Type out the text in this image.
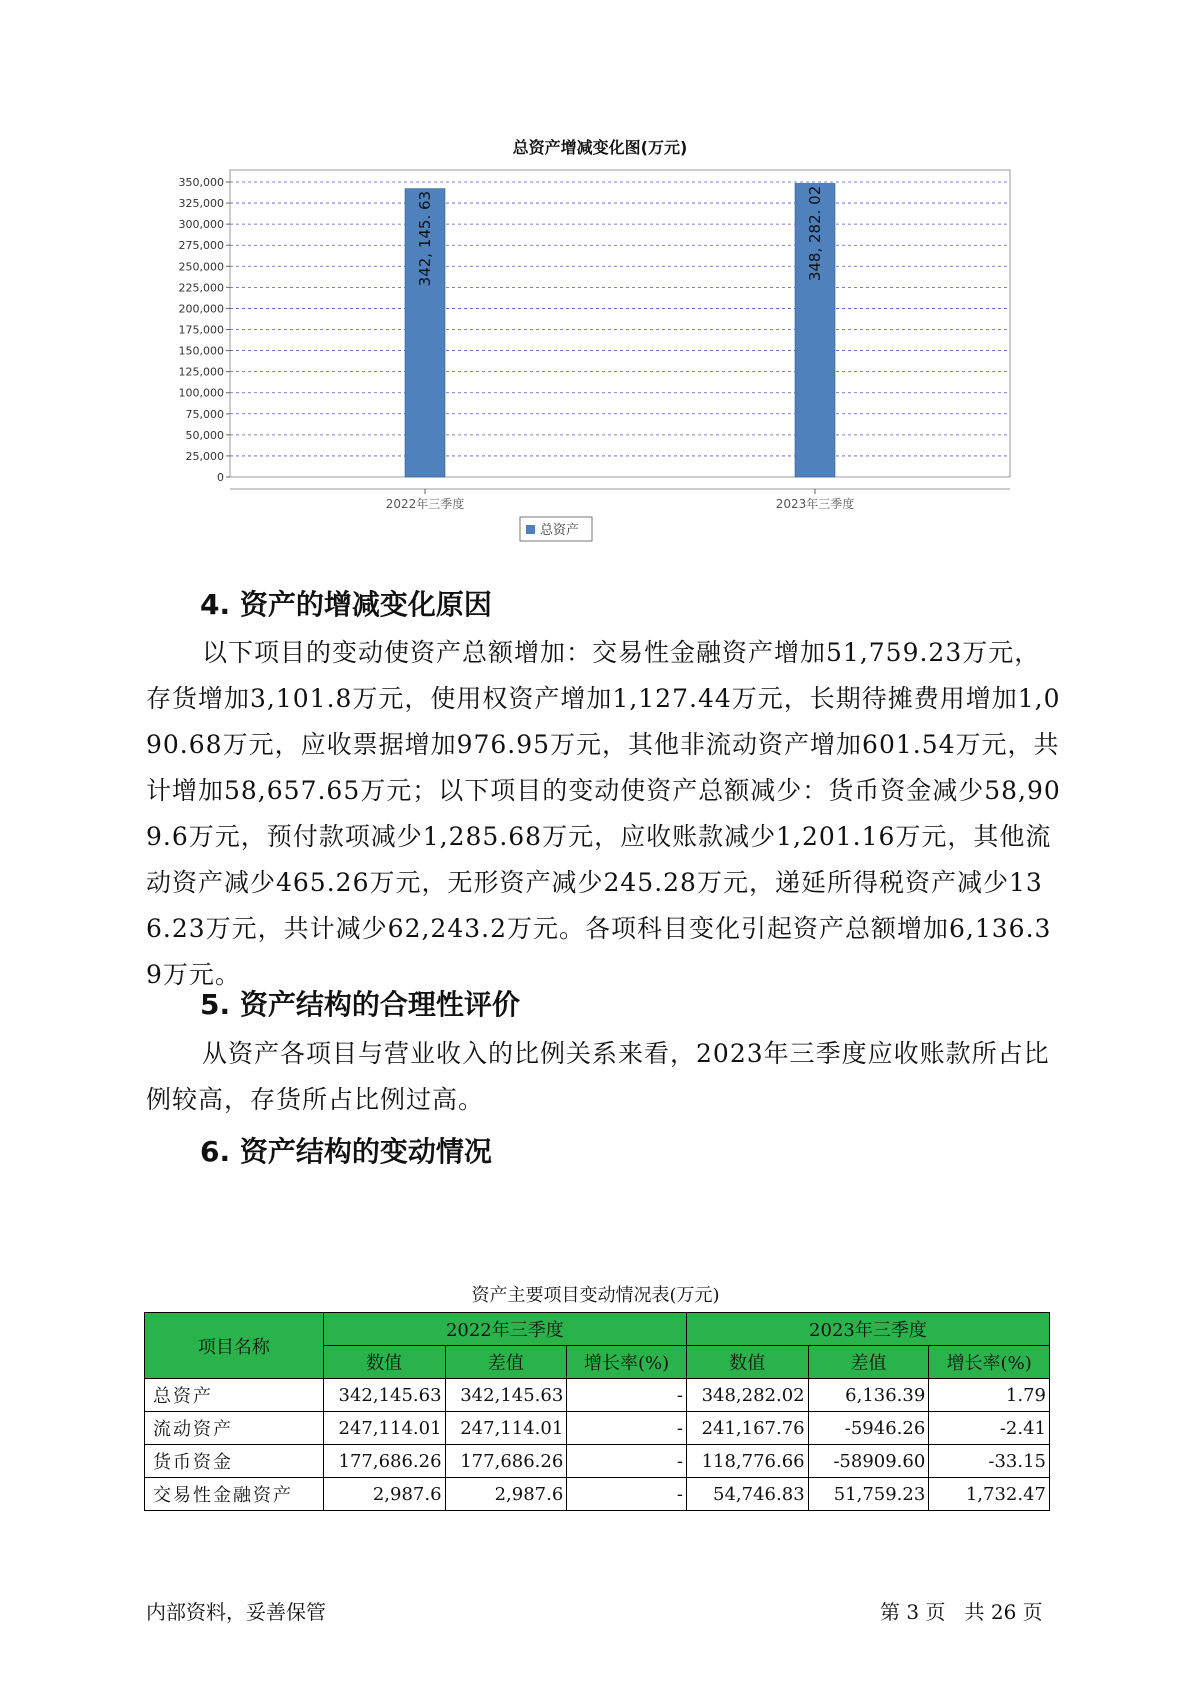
总资产增减变化图(万元)
0
25,000
50,000
75,000
100,000
125,000
150,000
175,000
200,000
225,000
250,000
275,000
300,000
325,000
350,000
342, 145. 63
2022年三季度
348, 282. 02
2023年三季度
总资产
4. 资产的增减变化原因

以下项目的变动使资产总额增加：交易性金融资产增加51,759.23万元，存货增加3,101.8万元，使用权资产增加1,127.44万元，长期待摊费用增加1,090.68万元，应收票据增加976.95万元，其他非流动资产增加601.54万元，共计增加58,657.65万元；以下项目的变动使资产总额减少：货币资金减少58,909.6万元，预付款项减少1,285.68万元，应收账款减少1,201.16万元，其他流动资产减少465.26万元，无形资产减少245.28万元，递延所得税资产减少136.23万元，共计减少62,243.2万元。各项科目变化引起资产总额增加6,136.39万元。

5. 资产结构的合理性评价

从资产各项目与营业收入的比例关系来看，2023年三季度应收账款所占比例较高，存货所占比例过高。

6. 资产结构的变动情况
资产主要项目变动情况表(万元)
项目名称	2022年三季度			2023年三季度		
	数值	差值	增长率(%)	数值	差值	增长率(%)
总资产	342,145.63	342,145.63	-	348,282.02	6,136.39	1.79
流动资产	247,114.01	247,114.01	-	241,167.76	-5946.26	-2.41
货币资金	177,686.26	177,686.26	-	118,776.66	-58909.60	-33.15
交易性金融资产	2,987.6	2,987.6	-	54,746.83	51,759.23	1,732.47
内部资料，妥善保管	第 3 页   共 26 页
